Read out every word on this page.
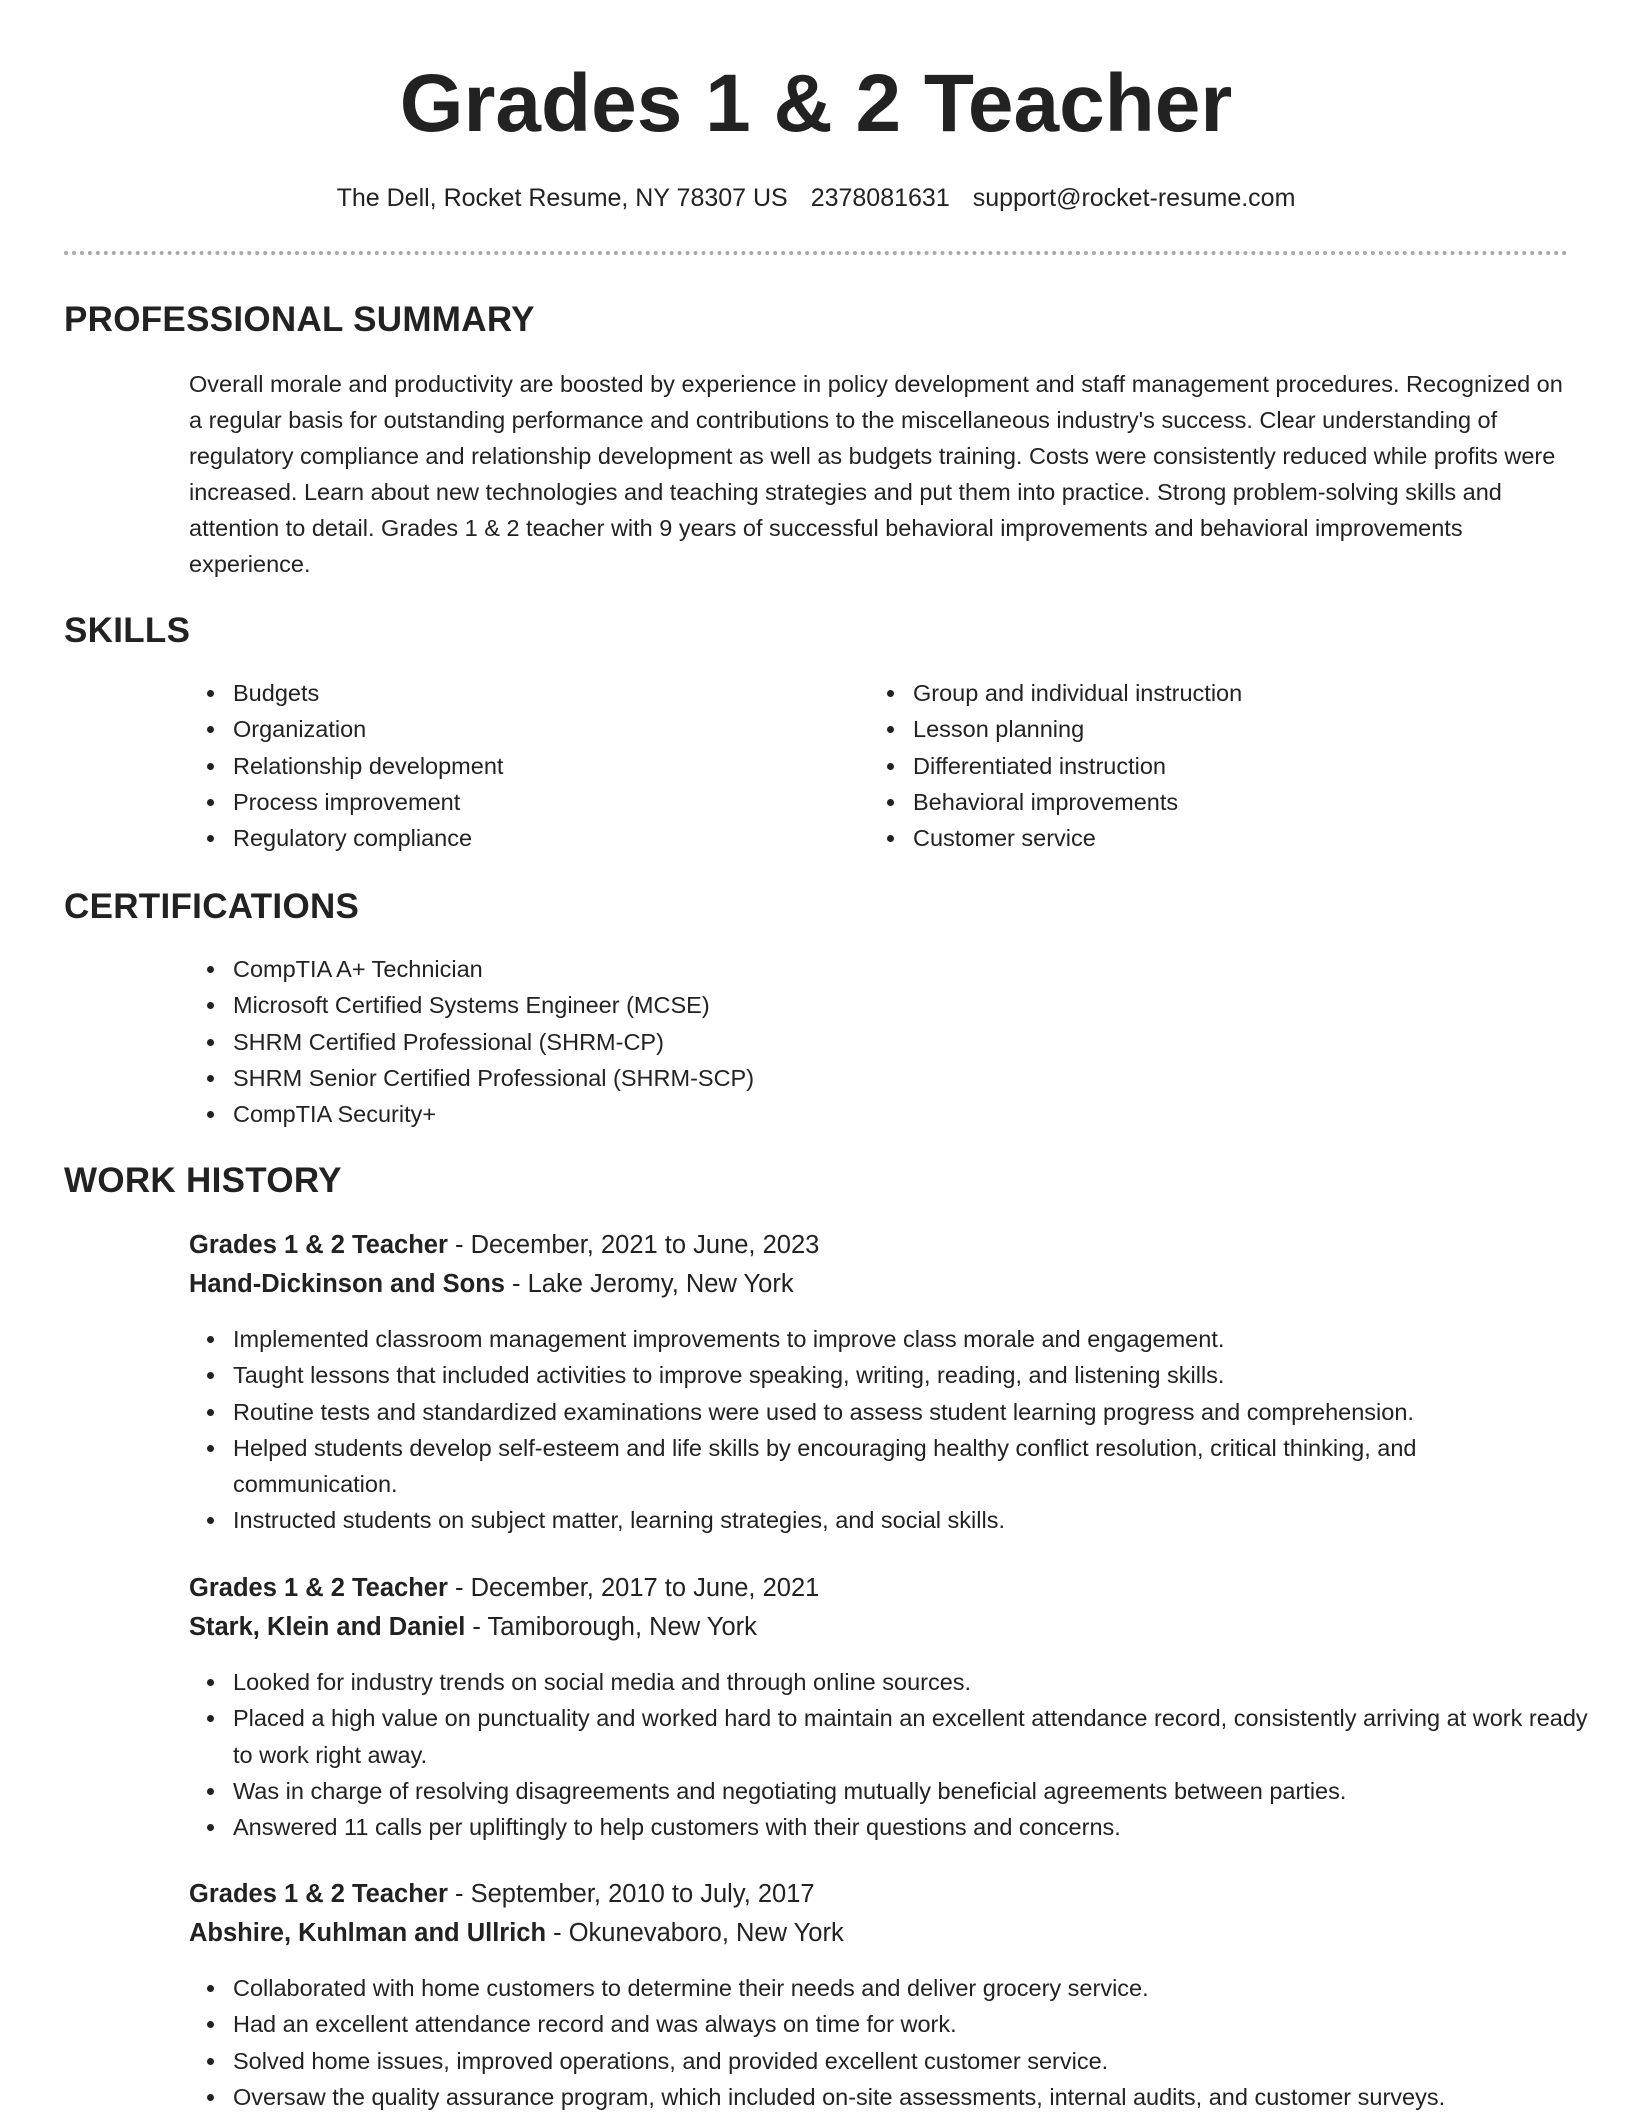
Grades 1 & 2 Teacher
The Dell, Rocket Resume, NY 78307 US 2378081631 support@rocket-resume.com
PROFESSIONAL SUMMARY

Overall morale and productivity are boosted by experience in policy development and staff management procedures. Recognized on a regular basis for outstanding performance and contributions to the miscellaneous industry's success. Clear understanding of regulatory compliance and relationship development as well as budgets training. Costs were consistently reduced while profits were increased. Learn about new technologies and teaching strategies and put them into practice. Strong problem-solving skills and attention to detail. Grades 1 & 2 teacher with 9 years of successful behavioral improvements and behavioral improvements experience.

SKILLS
Budgets
Organization
Relationship development
Process improvement
Regulatory compliance
Group and individual instruction
Lesson planning
Differentiated instruction
Behavioral improvements
Customer service
CERTIFICATIONS
CompTIA A+ Technician
Microsoft Certified Systems Engineer (MCSE)
SHRM Certified Professional (SHRM-CP)
SHRM Senior Certified Professional (SHRM-SCP)
CompTIA Security+
WORK HISTORY
Grades 1 & 2 Teacher - December, 2021 to June, 2023
Hand-Dickinson and Sons - Lake Jeromy, New York
Implemented classroom management improvements to improve class morale and engagement.
Taught lessons that included activities to improve speaking, writing, reading, and listening skills.
Routine tests and standardized examinations were used to assess student learning progress and comprehension.
Helped students develop self-esteem and life skills by encouraging healthy conflict resolution, critical thinking, and communication.
Instructed students on subject matter, learning strategies, and social skills.
Grades 1 & 2 Teacher - December, 2017 to June, 2021
Stark, Klein and Daniel - Tamiborough, New York
Looked for industry trends on social media and through online sources.
Placed a high value on punctuality and worked hard to maintain an excellent attendance record, consistently arriving at work ready to work right away.
Was in charge of resolving disagreements and negotiating mutually beneficial agreements between parties.
Answered 11 calls per upliftingly to help customers with their questions and concerns.
Grades 1 & 2 Teacher - September, 2010 to July, 2017
Abshire, Kuhlman and Ullrich - Okunevaboro, New York
Collaborated with home customers to determine their needs and deliver grocery service.
Had an excellent attendance record and was always on time for work.
Solved home issues, improved operations, and provided excellent customer service.
Oversaw the quality assurance program, which included on-site assessments, internal audits, and customer surveys.
